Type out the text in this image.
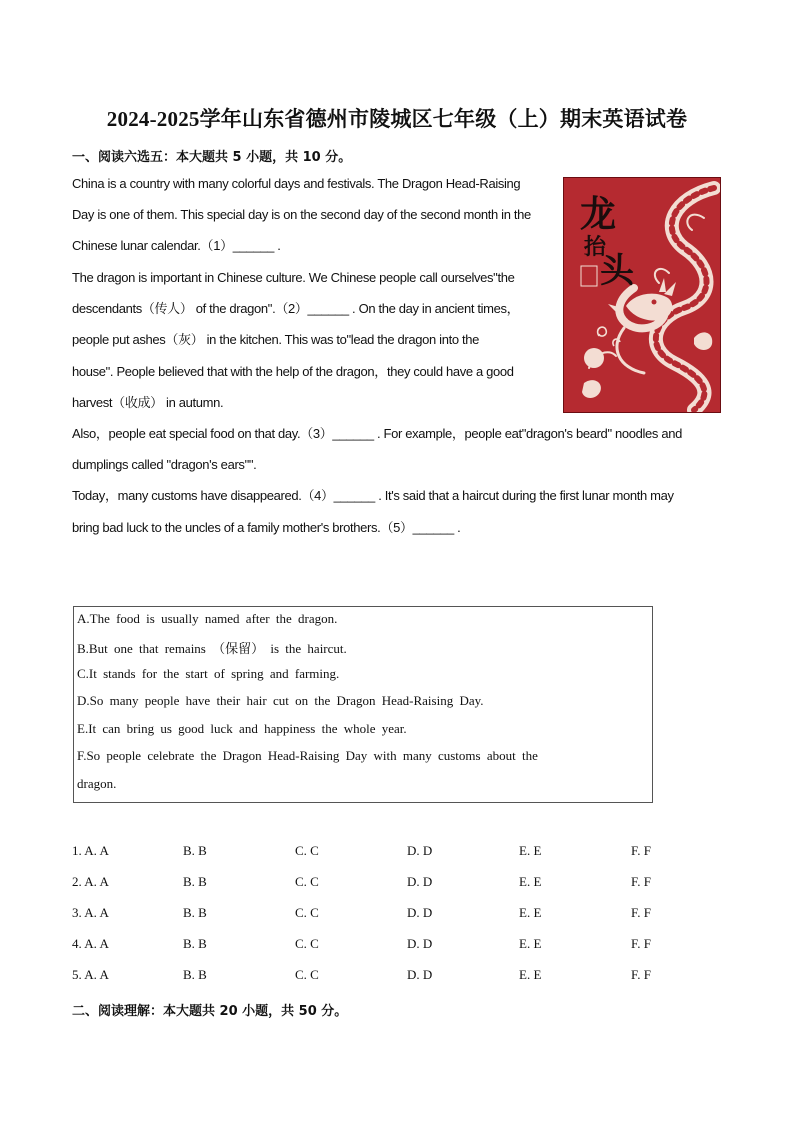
2024-2025学年山东省德州市陵城区七年级（上）期末英语试卷
一、阅读六选五：本大题共 5 小题，共 10 分。
China is a country with many colorful days and festivals. The Dragon Head-Raising
Day is one of them. This special day is on the second day of the second month in the
Chinese lunar calendar.（1）______ .
The dragon is important in Chinese culture. We Chinese people call ourselves"the
descendants（传人） of the dragon".（2）______ . On the day in ancient times，
people put ashes（灰） in the kitchen. This was to"lead the dragon into the
house". People believed that with the help of the dragon，they could have a good
harvest（收成） in autumn.
Also，people eat special food on that day.（3）______ . For example，people eat"dragon's beard" noodles and
dumplings called "dragon's ears"".
Today，many customs have disappeared.（4）______ . It's said that a haircut during the first lunar month may
bring bad luck to the uncles of a family mother's brothers.（5）______ .
龙
抬
头
A.The food is usually named after the dragon.
B.But one that remains （保留） is the haircut.
C.It stands for the start of spring and farming.
D.So many people have their hair cut on the Dragon Head-Raising Day.
E.It can bring us good luck and happiness the whole year.
F.So people celebrate the Dragon Head-Raising Day with many customs about the
dragon.
1. A. A	B. B	C. C	D. D	E. E	F. F
2. A. A	B. B	C. C	D. D	E. E	F. F
3. A. A	B. B	C. C	D. D	E. E	F. F
4. A. A	B. B	C. C	D. D	E. E	F. F
5. A. A	B. B	C. C	D. D	E. E	F. F
二、阅读理解：本大题共 20 小题，共 50 分。
